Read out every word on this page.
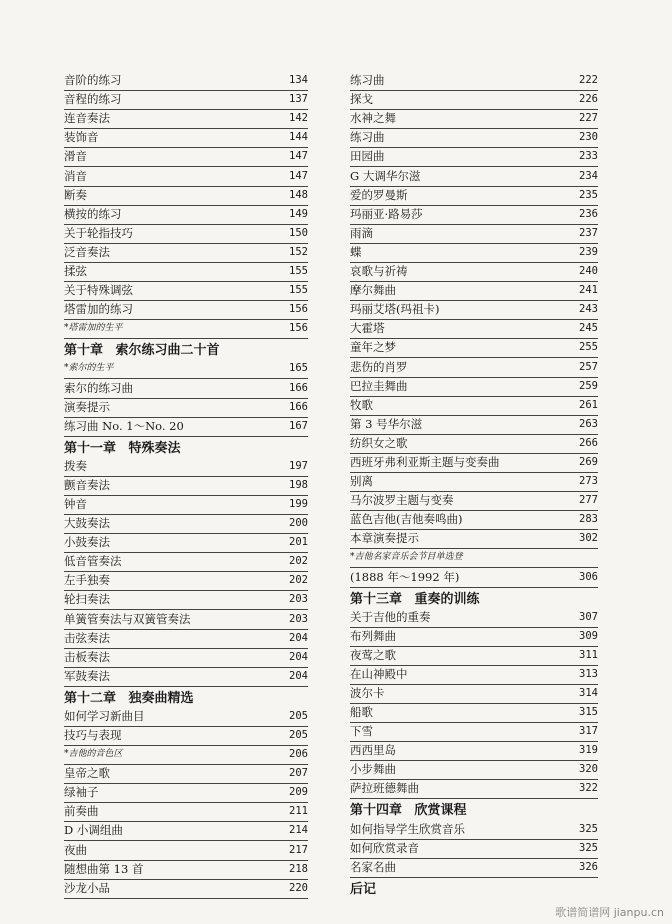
音阶的练习	134
音程的练习	137
连音奏法	142
装饰音	144
滑音	147
消音	147
断奏	148
横按的练习	149
关于轮指技巧	150
泛音奏法	152
揉弦	155
关于特殊调弦	155
塔雷加的练习	156
*塔雷加的生平	156
第十章 索尔练习曲二十首
*索尔的生平	165
索尔的练习曲	166
演奏提示	166
练习曲 No. 1～No. 20	167
第十一章 特殊奏法
拨奏	197
颤音奏法	198
钟音	199
大鼓奏法	200
小鼓奏法	201
低音管奏法	202
左手独奏	202
轮扫奏法	203
单簧管奏法与双簧管奏法	203
击弦奏法	204
击板奏法	204
军鼓奏法	204
第十二章 独奏曲精选
如何学习新曲目	205
技巧与表现	205
*吉他的音色区	206
皇帝之歌	207
绿袖子	209
前奏曲	211
D 小调组曲	214
夜曲	217
随想曲第 13 首	218
沙龙小品	220
练习曲	222
探戈	226
水神之舞	227
练习曲	230
田园曲	233
G 大调华尔滋	234
爱的罗曼斯	235
玛丽亚·路易莎	236
雨滴	237
蝶	239
哀歌与祈祷	240
摩尔舞曲	241
玛丽艾塔(玛祖卡)	243
大霍塔	245
童年之梦	255
悲伤的肖罗	257
巴拉圭舞曲	259
牧歌	261
第 3 号华尔滋	263
纺织女之歌	266
西班牙弗利亚斯主题与变奏曲	269
别离	273
马尔波罗主题与变奏	277
蓝色吉他(吉他奏鸣曲)	283
本章演奏提示	302
*吉他名家音乐会节目单选登
(1888 年～1992 年)	306
第十三章 重奏的训练
关于吉他的重奏	307
布列舞曲	309
夜莺之歌	311
在山神殿中	313
波尔卡	314
船歌	315
下雪	317
西西里岛	319
小步舞曲	320
萨拉班德舞曲	322
第十四章 欣赏课程
如何指导学生欣赏音乐	325
如何欣赏录音	325
名家名曲	326
后记
歌谱简谱网 jianpu.cn
